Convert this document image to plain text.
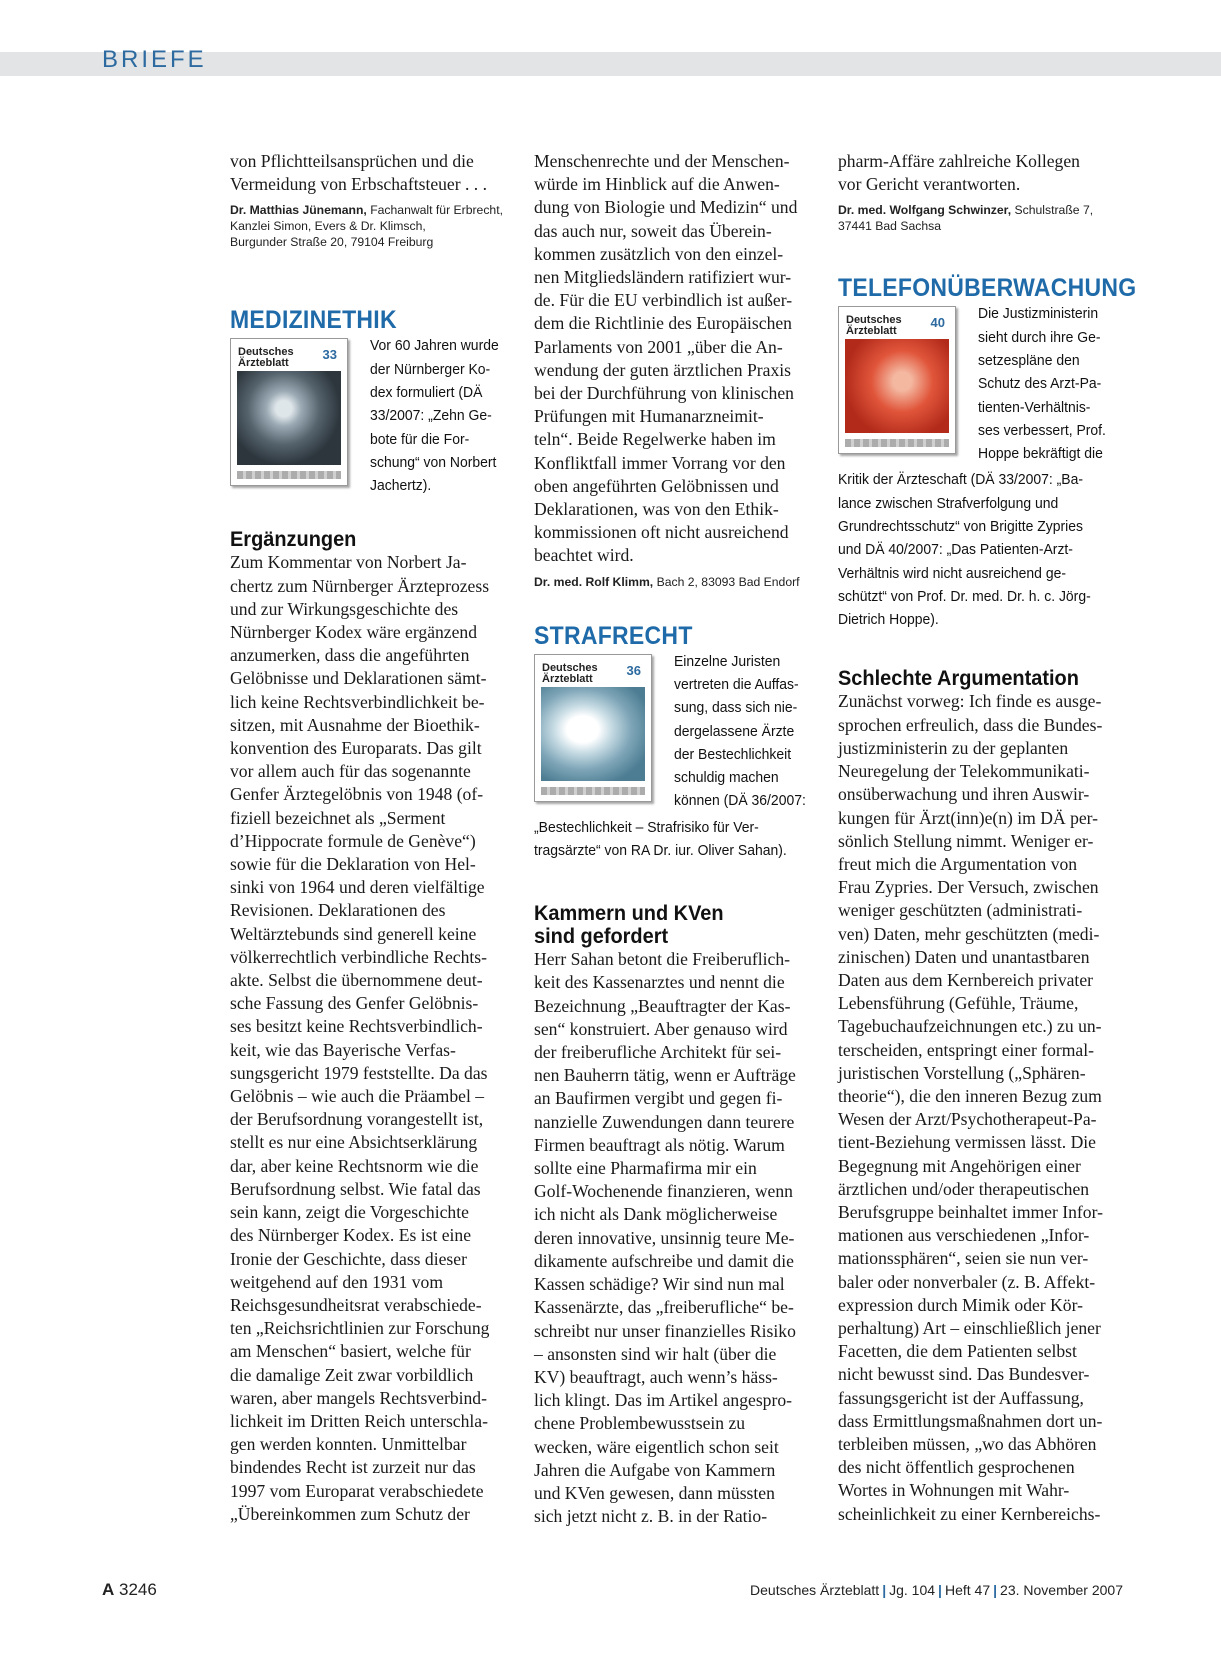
BRIEFE

von Pflichtteilsansprüchen und die
Vermeidung von Erbschaftsteuer . . .

Dr. Matthias Jünemann, Fachanwalt für Erbrecht,
Kanzlei Simon, Evers & Dr. Klimsch,
Burgunder Straße 20, 79104 Freiburg

MEDIZINETHIK
Deutsches
Ärzteblatt
33

Vor 60 Jahren wurde
der Nürnberger Ko-
dex formuliert (DÄ
33/2007: „Zehn Ge-
bote für die For-
schung“ von Norbert
Jachertz).

Ergänzungen

Zum Kommentar von Norbert Ja-
chertz zum Nürnberger Ärzteprozess
und zur Wirkungsgeschichte des
Nürnberger Kodex wäre ergänzend
anzumerken, dass die angeführten
Gelöbnisse und Deklarationen sämt-
lich keine Rechtsverbindlichkeit be-
sitzen, mit Ausnahme der Bioethik-
konvention des Europarats. Das gilt
vor allem auch für das sogenannte
Genfer Ärztegelöbnis von 1948 (of-
fiziell bezeichnet als „Serment
d’Hippocrate formule de Genève“)
sowie für die Deklaration von Hel-
sinki von 1964 und deren vielfältige
Revisionen. Deklarationen des
Weltärztebunds sind generell keine
völkerrechtlich verbindliche Rechts-
akte. Selbst die übernommene deut-
sche Fassung des Genfer Gelöbnis-
ses besitzt keine Rechtsverbindlich-
keit, wie das Bayerische Verfas-
sungsgericht 1979 feststellte. Da das
Gelöbnis – wie auch die Präambel –
der Berufsordnung vorangestellt ist,
stellt es nur eine Absichtserklärung
dar, aber keine Rechtsnorm wie die
Berufsordnung selbst. Wie fatal das
sein kann, zeigt die Vorgeschichte
des Nürnberger Kodex. Es ist eine
Ironie der Geschichte, dass dieser
weitgehend auf den 1931 vom
Reichsgesundheitsrat verabschiede-
ten „Reichsrichtlinien zur Forschung
am Menschen“ basiert, welche für
die damalige Zeit zwar vorbildlich
waren, aber mangels Rechtsverbind-
lichkeit im Dritten Reich unterschla-
gen werden konnten. Unmittelbar
bindendes Recht ist zurzeit nur das
1997 vom Europarat verabschiedete
„Übereinkommen zum Schutz der

Menschenrechte und der Menschen-
würde im Hinblick auf die Anwen-
dung von Biologie und Medizin“ und
das auch nur, soweit das Überein-
kommen zusätzlich von den einzel-
nen Mitgliedsländern ratifiziert wur-
de. Für die EU verbindlich ist außer-
dem die Richtlinie des Europäischen
Parlaments von 2001 „über die An-
wendung der guten ärztlichen Praxis
bei der Durchführung von klinischen
Prüfungen mit Humanarzneimit-
teln“. Beide Regelwerke haben im
Konfliktfall immer Vorrang vor den
oben angeführten Gelöbnissen und
Deklarationen, was von den Ethik-
kommissionen oft nicht ausreichend
beachtet wird.

Dr. med. Rolf Klimm, Bach 2, 83093 Bad Endorf

STRAFRECHT
Deutsches
Ärzteblatt
36

Einzelne Juristen
vertreten die Auffas-
sung, dass sich nie-
dergelassene Ärzte
der Bestechlichkeit
schuldig machen
können (DÄ 36/2007:

„Bestechlichkeit – Strafrisiko für Ver-
tragsärzte“ von RA Dr. iur. Oliver Sahan).

Kammern und KVen
sind gefordert

Herr Sahan betont die Freiberuflich-
keit des Kassenarztes und nennt die
Bezeichnung „Beauftragter der Kas-
sen“ konstruiert. Aber genauso wird
der freiberufliche Architekt für sei-
nen Bauherrn tätig, wenn er Aufträge
an Baufirmen vergibt und gegen fi-
nanzielle Zuwendungen dann teurere
Firmen beauftragt als nötig. Warum
sollte eine Pharmafirma mir ein
Golf-Wochenende finanzieren, wenn
ich nicht als Dank möglicherweise
deren innovative, unsinnig teure Me-
dikamente aufschreibe und damit die
Kassen schädige? Wir sind nun mal
Kassenärzte, das „freiberufliche“ be-
schreibt nur unser finanzielles Risiko
– ansonsten sind wir halt (über die
KV) beauftragt, auch wenn’s häss-
lich klingt. Das im Artikel angespro-
chene Problembewusstsein zu
wecken, wäre eigentlich schon seit
Jahren die Aufgabe von Kammern
und KVen gewesen, dann müssten
sich jetzt nicht z. B. in der Ratio-

pharm-Affäre zahlreiche Kollegen
vor Gericht verantworten.

Dr. med. Wolfgang Schwinzer, Schulstraße 7,
37441 Bad Sachsa

TELEFONÜBERWACHUNG
Deutsches
Ärzteblatt
40

Die Justizministerin
sieht durch ihre Ge-
setzespläne den
Schutz des Arzt-Pa-
tienten-Verhältnis-
ses verbessert, Prof.
Hoppe bekräftigt die

Kritik der Ärzteschaft (DÄ 33/2007: „Ba-
lance zwischen Strafverfolgung und
Grundrechtsschutz“ von Brigitte Zypries
und DÄ 40/2007: „Das Patienten-Arzt-
Verhältnis wird nicht ausreichend ge-
schützt“ von Prof. Dr. med. Dr. h. c. Jörg-
Dietrich Hoppe).

Schlechte Argumentation

Zunächst vorweg: Ich finde es ausge-
sprochen erfreulich, dass die Bundes-
justizministerin zu der geplanten
Neuregelung der Telekommunikati-
onsüberwachung und ihren Auswir-
kungen für Ärzt(inn)e(n) im DÄ per-
sönlich Stellung nimmt. Weniger er-
freut mich die Argumentation von
Frau Zypries. Der Versuch, zwischen
weniger geschützten (administrati-
ven) Daten, mehr geschützten (medi-
zinischen) Daten und unantastbaren
Daten aus dem Kernbereich privater
Lebensführung (Gefühle, Träume,
Tagebuchaufzeichnungen etc.) zu un-
terscheiden, entspringt einer formal-
juristischen Vorstellung („Sphären-
theorie“), die den inneren Bezug zum
Wesen der Arzt/Psychotherapeut-Pa-
tient-Beziehung vermissen lässt. Die
Begegnung mit Angehörigen einer
ärztlichen und/oder therapeutischen
Berufsgruppe beinhaltet immer Infor-
mationen aus verschiedenen „Infor-
mationssphären“, seien sie nun ver-
baler oder nonverbaler (z. B. Affekt-
expression durch Mimik oder Kör-
perhaltung) Art – einschließlich jener
Facetten, die dem Patienten selbst
nicht bewusst sind. Das Bundesver-
fassungsgericht ist der Auffassung,
dass Ermittlungsmaßnahmen dort un-
terbleiben müssen, „wo das Abhören
des nicht öffentlich gesprochenen
Wortes in Wohnungen mit Wahr-
scheinlichkeit zu einer Kernbereichs-

A 3246	Deutsches Ärzteblatt | Jg. 104 | Heft 47 | 23. November 2007
